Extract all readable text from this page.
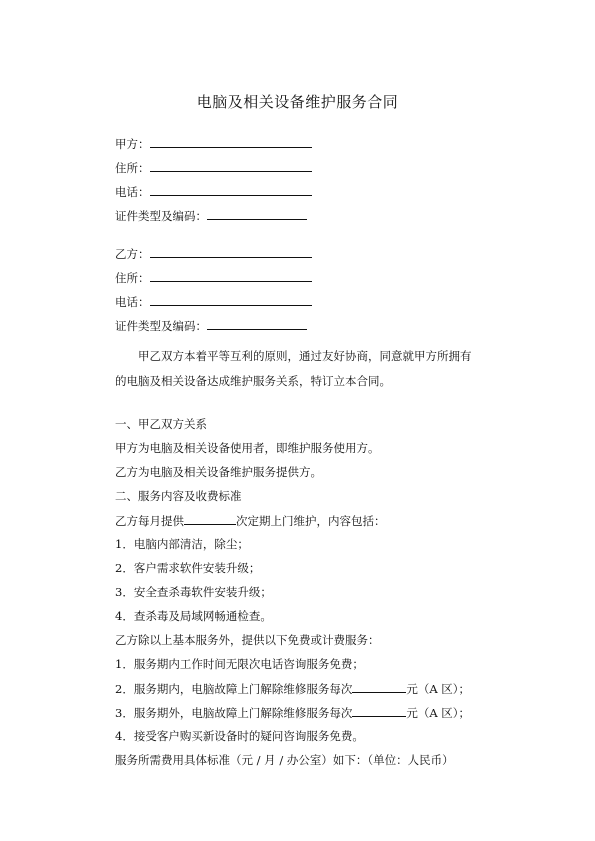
电脑及相关设备维护服务合同
甲方：
住所：
电话：
证件类型及编码：
乙方：
住所：
电话：
证件类型及编码：
甲乙双方本着平等互利的原则，通过友好协商，同意就甲方所拥有的电脑及相关设备达成维护服务关系，特订立本合同。
一、甲乙双方关系
甲方为电脑及相关设备使用者，即维护服务使用方。
乙方为电脑及相关设备维护服务提供方。
二、服务内容及收费标准
乙方每月提供	次定期上门维护，内容包括：
1．电脑内部清洁，除尘；
2．客户需求软件安装升级；
3．安全查杀毒软件安装升级；
4．查杀毒及局域网畅通检查。
乙方除以上基本服务外，提供以下免费或计费服务：
1．服务期内工作时间无限次电话咨询服务免费；
2．服务期内，电脑故障上门解除维修服务每次	元（A 区）；
3．服务期外，电脑故障上门解除维修服务每次	元（A 区）；
4．接受客户购买新设备时的疑问咨询服务免费。
服务所需费用具体标准（元 / 月 / 办公室）如下：（单位：人民币）
